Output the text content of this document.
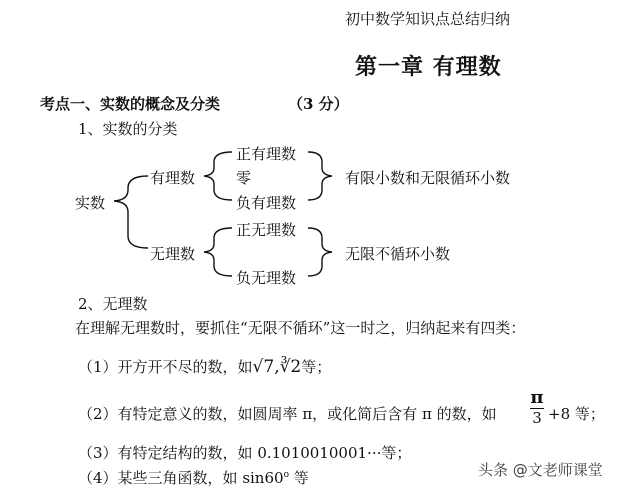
初中数学知识点总结归纳
第一章 有理数
考点一、实数的概念及分类	（3 分）
1、实数的分类
实数
有理数
正有理数
零
负有理数
有限小数和无限循环小数
无理数
正无理数
负无理数
无限不循环小数
2、无理数
在理解无理数时，要抓住“无限不循环”这一时之，归纳起来有四类：
（1）开方开不尽的数，如√7,∛2等；
（2）有特定意义的数，如圆周率 π，或化简后含有 π 的数，如
π
3 +8 等；
（3）有特定结构的数，如 0.1010010001···等；
（4）某些三角函数，如 sin60$^o$ 等	头条 @文老师课堂
